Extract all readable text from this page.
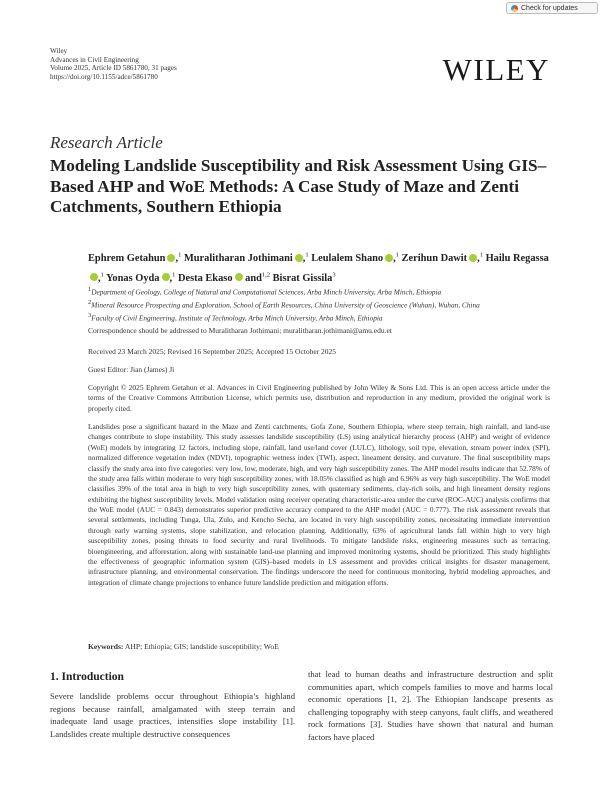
Check for updates
Wiley
Advances in Civil Engineering
Volume 2025, Article ID 5861780, 31 pages
https://doi.org/10.1155/adce/5861780	WILEY
Research Article
Modeling Landslide Susceptibility and Risk Assessment Using GIS–Based AHP and WoE Methods: A Case Study of Maze and Zenti Catchments, Southern Ethiopia
Ephrem Getahun ,$^1$ Muralitharan Jothimani ,$^1$ Leulalem Shano ,$^1$ Zerihun Dawit ,$^1$ Hailu Regassa,$^1$ Yonas Oyda ,$^1$ Desta Ekaso and$^{1,2}$ Bisrat Gissila$^3$
$^1$Department of Geology, College of Natural and Computational Sciences, Arba Minch University, Arba Minch, Ethiopia
$^2$Mineral Resource Prospecting and Exploration, School of Earth Resources, China University of Geoscience (Wuhan), Wuhan, China
$^3$Faculty of Civil Engineering, Institute of Technology, Arba Minch University, Arba Minch, Ethiopia
Correspondence should be addressed to Muralitharan Jothimani; muralitharan.jothimani@amu.edu.et
Received 23 March 2025; Revised 16 September 2025; Accepted 15 October 2025
Guest Editor: Jian (James) Ji
Copyright © 2025 Ephrem Getahun et al. Advances in Civil Engineering published by John Wiley & Sons Ltd. This is an open access article under the terms of the Creative Commons Attribution License, which permits use, distribution and reproduction in any medium, provided the original work is properly cited.
Landslides pose a significant hazard in the Maze and Zenti catchments, Gofa Zone, Southern Ethiopia, where steep terrain, high rainfall, and land-use changes contribute to slope instability. This study assesses landslide susceptibility (LS) using analytical hierarchy process (AHP) and weight of evidence (WoE) models by integrating 12 factors, including slope, rainfall, land use/land cover (LULC), lithology, soil type, elevation, stream power index (SPI), normalized difference vegetation index (NDVI), topographic wetness index (TWI), aspect, lineament density, and curvature. The final susceptibility maps classify the study area into five categories: very low, low, moderate, high, and very high susceptibility zones. The AHP model results indicate that 52.78% of the study area falls within moderate to very high susceptibility zones, with 18.05% classified as high and 6.96% as very high susceptibility. The WoE model classifies 39% of the total area in high to very high susceptibility zones, with quaternary sediments, clay-rich soils, and high lineament density regions exhibiting the highest susceptibility levels. Model validation using receiver operating characteristic-area under the curve (ROC-AUC) analysis confirms that the WoE model (AUC = 0.843) demonstrates superior predictive accuracy compared to the AHP model (AUC = 0.777). The risk assessment reveals that several settlements, including Tunga, Ula, Zulo, and Kencho Secha, are located in very high susceptibility zones, necessitating immediate intervention through early warning systems, slope stabilization, and relocation planning. Additionally, 63% of agricultural lands fall within high to very high susceptibility zones, posing threats to food security and rural livelihoods. To mitigate landslide risks, engineering measures such as terracing, bioengineering, and afforestation, along with sustainable land-use planning and improved monitoring systems, should be prioritized. This study highlights the effectiveness of geographic information system (GIS)–based models in LS assessment and provides critical insights for disaster management, infrastructure planning, and environmental conservation. The findings underscore the need for continuous monitoring, hybrid modeling approaches, and integration of climate change projections to enhance future landslide prediction and mitigation efforts.
Keywords: AHP; Ethiopia; GIS; landslide susceptibility; WoE
1. Introduction
Severe landslide problems occur throughout Ethiopia’s highland regions because rainfall, amalgamated with steep terrain and inadequate land usage practices, intensifies slope instability [1]. Landslides create multiple destructive consequences
that lead to human deaths and infrastructure destruction and split communities apart, which compels families to move and harms local economic operations [1, 2]. The Ethiopian landscape presents as challenging topography with steep canyons, fault cliffs, and weathered rock formations [3]. Studies have shown that natural and human factors have placed
